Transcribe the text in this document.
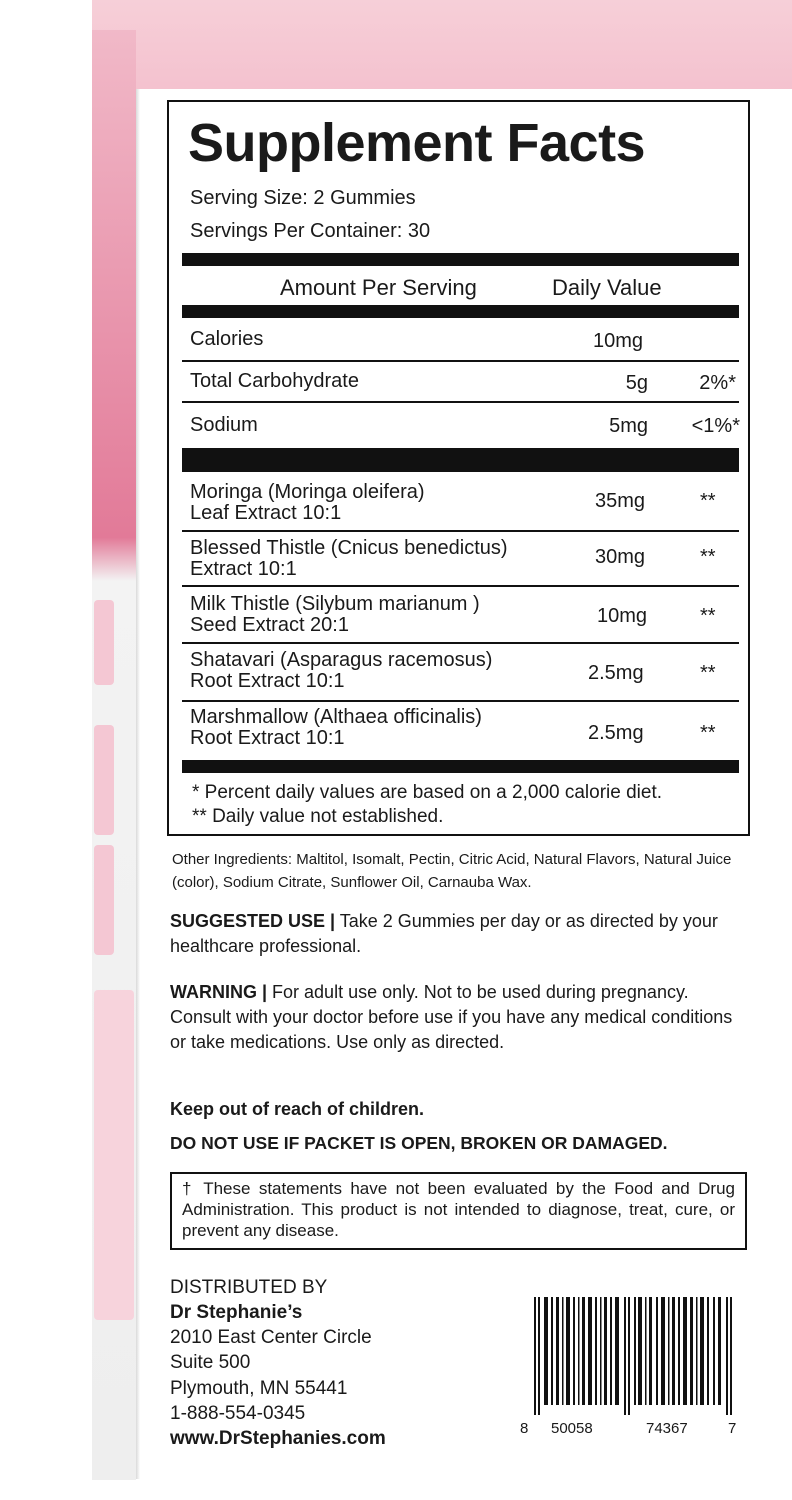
Supplement Facts
Serving Size: 2 Gummies
Servings Per Container: 30
Amount Per Serving	Daily Value
Calories	10mg
Total Carbohydrate	5g	2%*
Sodium	5mg	<1%*
Moringa (Moringa oleifera)
Leaf Extract 10:1
35mg	**
Blessed Thistle (Cnicus benedictus)
Extract 10:1
30mg	**
Milk Thistle (Silybum marianum )
Seed Extract 20:1	10mg	**
Shatavari (Asparagus racemosus)
Root Extract 10:1	2.5mg	**
Marshmallow (Althaea officinalis)
Root Extract 10:1	2.5mg	**
* Percent daily values are based on a 2,000 calorie diet.
** Daily value not established.
Other Ingredients: Maltitol, Isomalt, Pectin, Citric Acid, Natural Flavors, Natural Juice (color), Sodium Citrate, Sunflower Oil, Carnauba Wax.
SUGGESTED USE | Take 2 Gummies per day or as directed by your healthcare professional.
WARNING | For adult use only. Not to be used during pregnancy. Consult with your doctor before use if you have any medical conditions or take medications. Use only as directed.
Keep out of reach of children.
DO NOT USE IF PACKET IS OPEN, BROKEN OR DAMAGED.
† These statements have not been evaluated by the Food and Drug Administration. This product is not intended to diagnose, treat, cure, or prevent any disease.
DISTRIBUTED BY
Dr Stephanie’s
2010 East Center Circle
Suite 500
Plymouth, MN 55441
1-888-554-0345
www.DrStephanies.com	8 50058	74367	7
